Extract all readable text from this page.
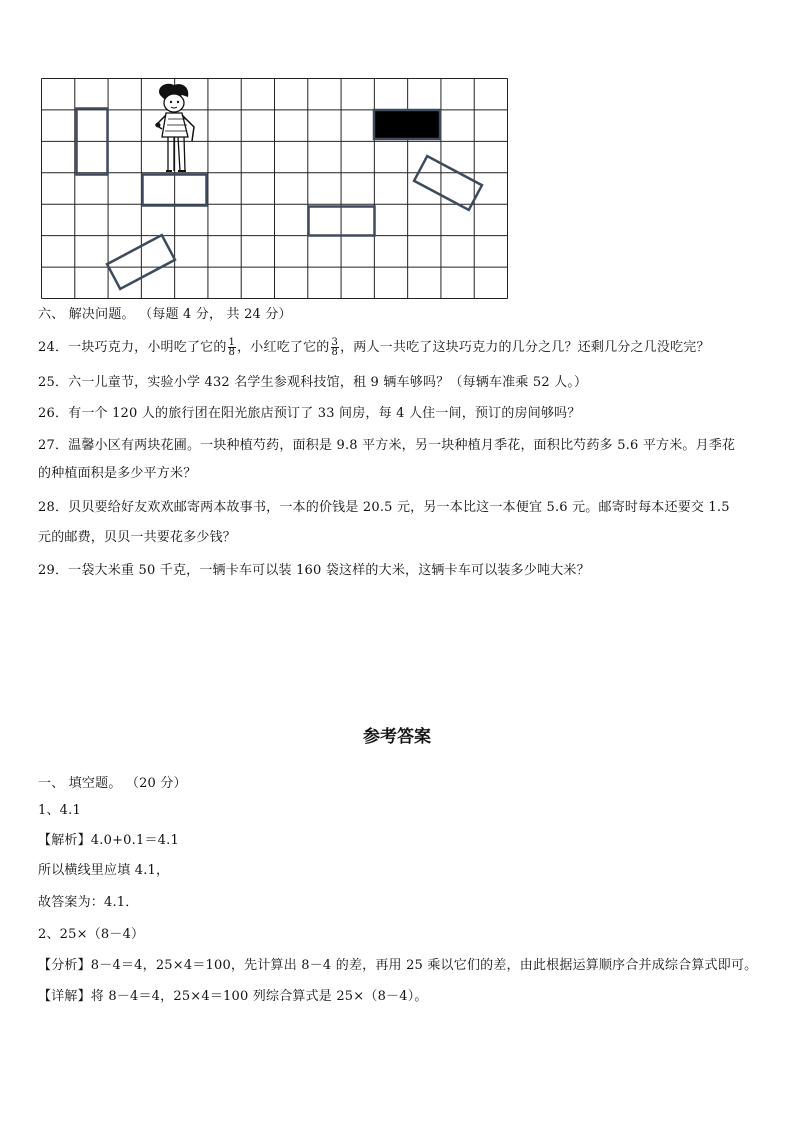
六、 解决问题。 （每题 4 分， 共 24 分）
24．一块巧克力，小明吃了它的 $\frac{1}{8}$ ，小红吃了它的 $\frac{3}{8}$ ，两人一共吃了这块巧克力的几分之几？还剩几分之几没吃完？
25．六一儿童节，实验小学 432 名学生参观科技馆，租 9 辆车够吗？（每辆车准乘 52 人。）
26．有一个 120 人的旅行团在阳光旅店预订了 33 间房，每 4 人住一间，预订的房间够吗？
27．温馨小区有两块花圃。一块种植芍药，面积是 9.8 平方米，另一块种植月季花，面积比芍药多 5.6 平方米。月季花
的种植面积是多少平方米？
28．贝贝要给好友欢欢邮寄两本故事书，一本的价钱是 20.5 元，另一本比这一本便宜 5.6 元。邮寄时每本还要交 1.5
元的邮费，贝贝一共要花多少钱？
29．一袋大米重 50 千克，一辆卡车可以装 160 袋这样的大米，这辆卡车可以装多少吨大米？
参考答案
一、 填空题。 （20 分）
1、4.1
【解析】4.0+0.1＝4.1
所以横线里应填 4.1，
故答案为：4.1．
2、25×（8－4）
【分析】8－4＝4，25×4＝100，先计算出 8－4 的差，再用 25 乘以它们的差，由此根据运算顺序合并成综合算式即可。
【详解】将 8－4＝4，25×4＝100 列综合算式是 25×（8－4）。
